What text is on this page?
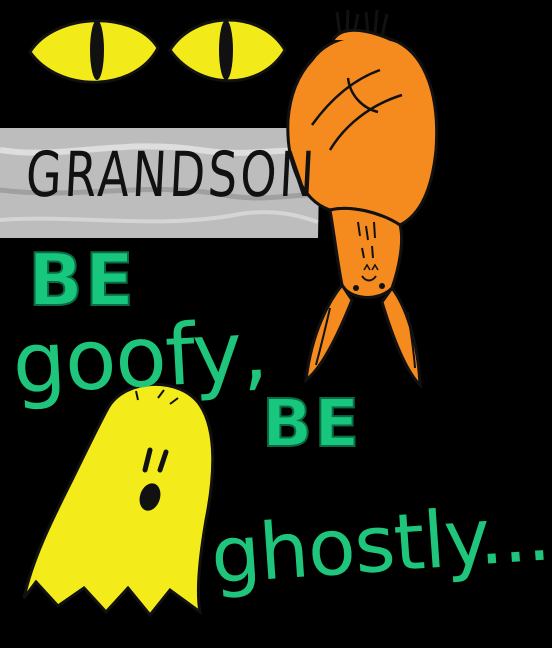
GRANDSON
BE
goofy,
BE
ghostly...
